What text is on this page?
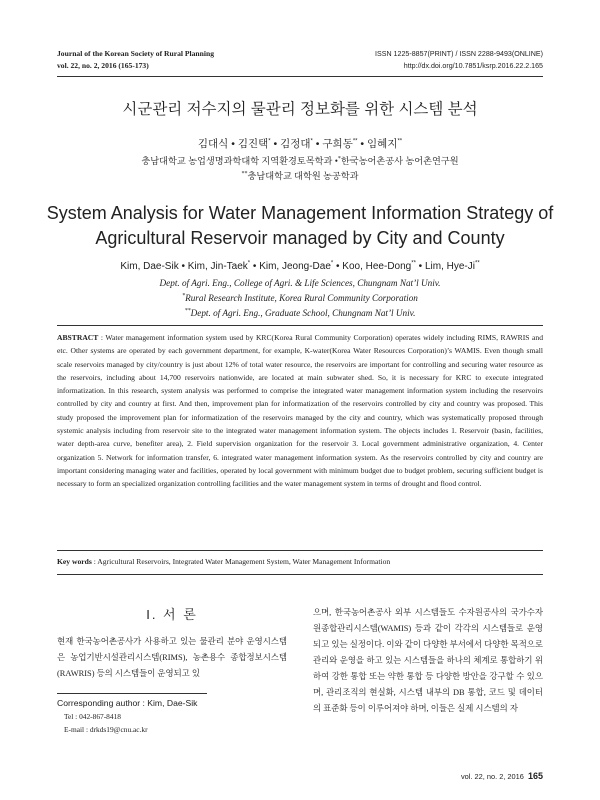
Journal of the Korean Society of Rural Planning
vol. 22, no. 2, 2016 (165-173)
ISSN 1225-8857(PRINT) / ISSN 2288-9493(ONLINE)
http://dx.doi.org/10.7851/ksrp.2016.22.2.165
시군관리 저수지의 물관리 정보화를 위한 시스템 분석
김대식 • 김진택* • 김정대* • 구희동** • 임혜지**
충남대학교 농업생명과학대학 지역환경토목학과 •*한국농어촌공사 농어촌연구원
**충남대학교 대학원 농공학과
System Analysis for Water Management Information Strategy of
Agricultural Reservoir managed by City and County
Kim, Dae-Sik • Kim, Jin-Taek* • Kim, Jeong-Dae* • Koo, Hee-Dong** • Lim, Hye-Ji**
Dept. of Agri. Eng., College of Agri. & Life Sciences, Chungnam Nat’l Univ.
*Rural Research Institute, Korea Rural Community Corporation
**Dept. of Agri. Eng., Graduate School, Chungnam Nat’l Univ.
ABSTRACT : Water management information system used by KRC(Korea Rural Community Corporation) operates widely including RIMS, RAWRIS and etc. Other systems are operated by each government department, for example, K-water(Korea Water Resources Corporation)’s WAMIS. Even though small scale reservoirs managed by city/country is just about 12% of total water resource, the reservoirs are important for controlling and securing water resource as the reservoirs, including about 14,700 reservoirs nationwide, are located at main subwater shed. So, it is necessary for KRC to execute integrated informatization. In this research, system analysis was performed to comprise the integrated water management information system including the reservoirs controlled by city and country at first. And then, improvement plan for informatization of the reservoirs controlled by city and country was proposed. This study proposed the improvement plan for informatization of the reservoirs managed by the city and country, which was systematically proposed through systemic analysis including from reservoir site to the integrated water management information system. The objects includes 1. Reservoir (basin, facilities, water depth-area curve, benefiter area), 2. Field supervision organization for the reservoir 3. Local government administrative organization, 4. Center organization 5. Network for information transfer, 6. integrated water management information system. As the reservoirs controlled by city and country are important considering managing water and facilities, operated by local government with minimum budget due to budget problem, securing sufficient budget is necessary to form an specialized organization controlling facilities and the water management system in terms of drought and flood control.
Key words : Agricultural Reservoirs, Integrated Water Management System, Water Management Information
I. 서 론
현재 한국농어촌공사가 사용하고 있는 물관리 분야 운영시스템은 농업기반시설관리시스템(RIMS), 농촌용수 종합정보시스템(RAWRIS) 등의 시스템들이 운영되고 있
으며, 한국농어촌공사 외부 시스템들도 수자원공사의 국가수자원종합관리시스템(WAMIS) 등과 같이 각각의 시스템들로 운영되고 있는 실정이다. 이와 같이 다양한 부서에서 다양한 목적으로 관리와 운영을 하고 있는 시스템들을 하나의 체계로 통합하기 위하여 강한 통합 또는 약한 통합 등 다양한 방안을 강구할 수 있으며, 관리조직의 현실화, 시스템 내부의 DB 통합, 코드 및 데이터의 표준화 등이 이루어져야 하며, 이들은 실제 시스템의 자
Corresponding author : Kim, Dae-Sik
Tel : 042-867-8418
E-mail : drkds19@cnu.ac.kr
vol. 22, no. 2, 2016 165
